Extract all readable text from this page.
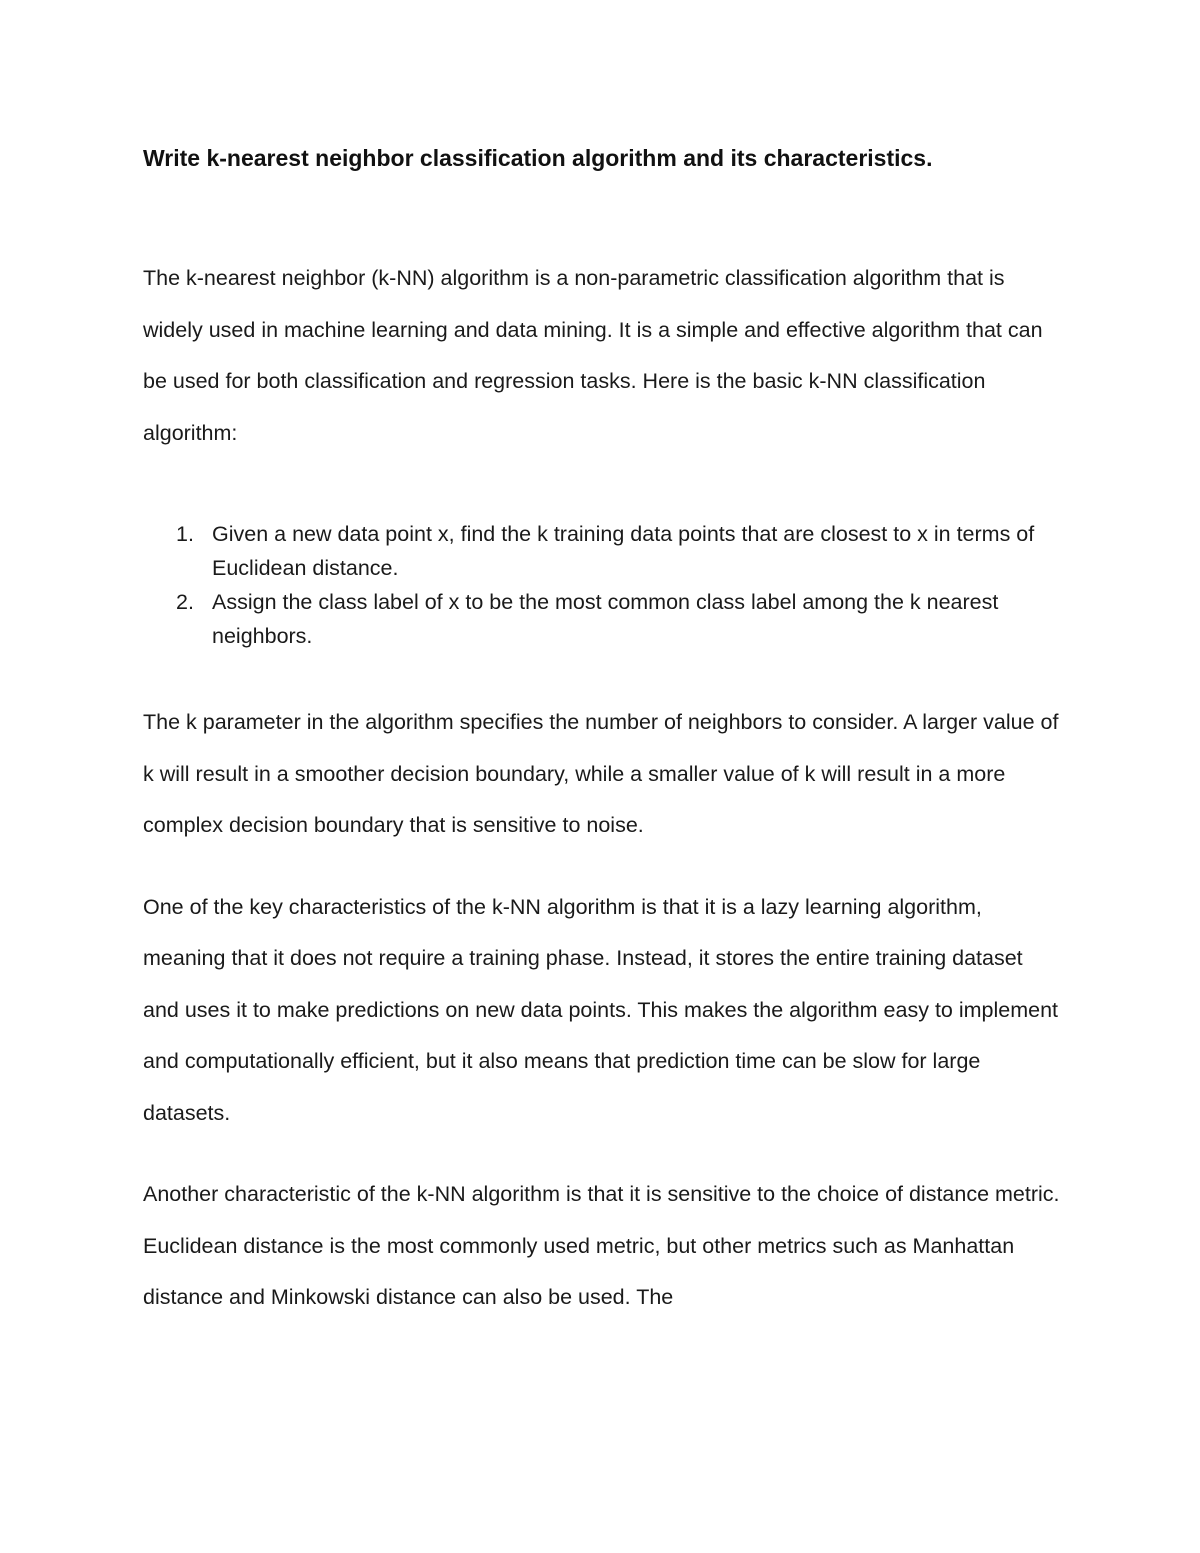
Write k-nearest neighbor classification algorithm and its characteristics.

The k-nearest neighbor (k-NN) algorithm is a non-parametric classification algorithm that is widely used in machine learning and data mining. It is a simple and effective algorithm that can be used for both classification and regression tasks. Here is the basic k-NN classification algorithm:

1. Given a new data point x, find the k training data points that are closest to x in terms of Euclidean distance.
2. Assign the class label of x to be the most common class label among the k nearest neighbors.

The k parameter in the algorithm specifies the number of neighbors to consider. A larger value of k will result in a smoother decision boundary, while a smaller value of k will result in a more complex decision boundary that is sensitive to noise.

One of the key characteristics of the k-NN algorithm is that it is a lazy learning algorithm, meaning that it does not require a training phase. Instead, it stores the entire training dataset and uses it to make predictions on new data points. This makes the algorithm easy to implement and computationally efficient, but it also means that prediction time can be slow for large datasets.

Another characteristic of the k-NN algorithm is that it is sensitive to the choice of distance metric. Euclidean distance is the most commonly used metric, but other metrics such as Manhattan distance and Minkowski distance can also be used. The
